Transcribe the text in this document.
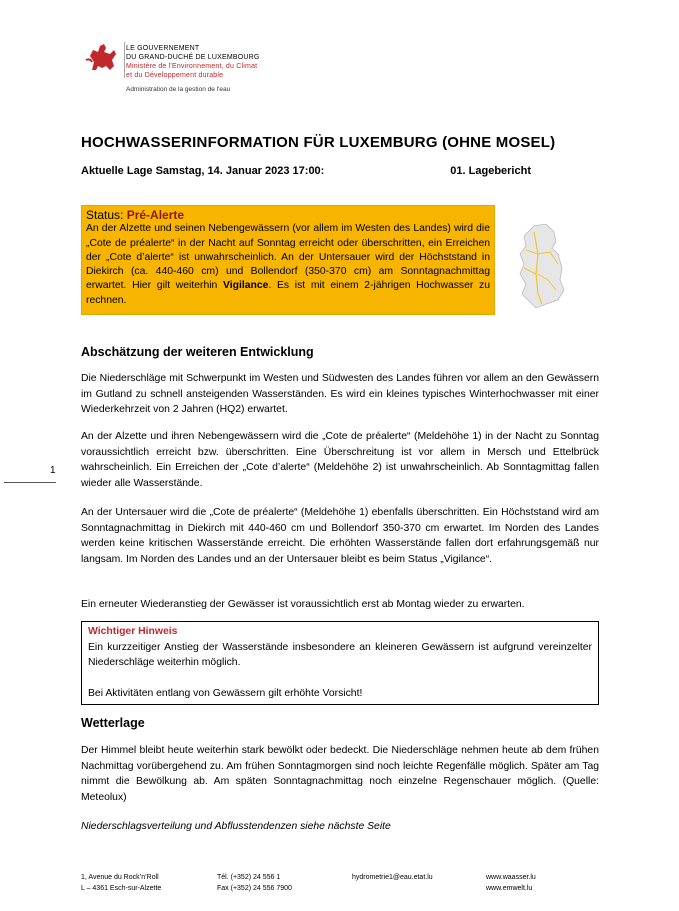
LE GOUVERNEMENT
DU GRAND-DUCHÉ DE LUXEMBOURG
Ministère de l'Environnement, du Climat
et du Développement durable
Administration de la gestion de l'eau
HOCHWASSERINFORMATION FÜR LUXEMBURG (OHNE MOSEL)
Aktuelle Lage Samstag, 14. Januar 2023 17:00:	01. Lagebericht
Status: Pré-Alerte
An der Alzette und seinen Nebengewässern (vor allem im Westen des Landes) wird die „Cote de préalerte“ in der Nacht auf Sonntag erreicht oder überschritten, ein Erreichen der „Cote d’alerte“ ist unwahrscheinlich. An der Untersauer wird der Höchststand in Diekirch (ca. 440-460 cm) und Bollendorf (350-370 cm) am Sonntagnachmittag erwartet. Hier gilt weiterhin Vigilance. Es ist mit einem 2-jährigen Hochwasser zu rechnen.
Abschätzung der weiteren Entwicklung

Die Niederschläge mit Schwerpunkt im Westen und Südwesten des Landes führen vor allem an den Gewässern im Gutland zu schnell ansteigenden Wasserständen. Es wird ein kleines typisches Winterhochwasser mit einer Wiederkehrzeit von 2 Jahren (HQ2) erwartet.

An der Alzette und ihren Nebengewässern wird die „Cote de préalerte“ (Meldehöhe 1) in der Nacht zu Sonntag voraussichtlich erreicht bzw. überschritten. Eine Überschreitung ist vor allem in Mersch und Ettelbrück wahrscheinlich. Ein Erreichen der „Cote d’alerte“ (Meldehöhe 2) ist unwahrscheinlich. Ab Sonntagmittag fallen wieder alle Wasserstände.

An der Untersauer wird die „Cote de préalerte“ (Meldehöhe 1) ebenfalls überschritten. Ein Höchststand wird am Sonntagnachmittag in Diekirch mit 440-460 cm und Bollendorf 350-370 cm erwartet. Im Norden des Landes werden keine kritischen Wasserstände erreicht. Die erhöhten Wasserstände fallen dort erfahrungsgemäß nur langsam. Im Norden des Landes und an der Untersauer bleibt es beim Status „Vigilance“.

Ein erneuter Wiederanstieg der Gewässer ist voraussichtlich erst ab Montag wieder zu erwarten.

1
Wichtiger Hinweis
Ein kurzzeitiger Anstieg der Wasserstände insbesondere an kleineren Gewässern ist aufgrund vereinzelter Niederschläge weiterhin möglich.
Bei Aktivitäten entlang von Gewässern gilt erhöhte Vorsicht!
Wetterlage

Der Himmel bleibt heute weiterhin stark bewölkt oder bedeckt. Die Niederschläge nehmen heute ab dem frühen Nachmittag vorübergehend zu. Am frühen Sonntagmorgen sind noch leichte Regenfälle möglich. Später am Tag nimmt die Bewölkung ab. Am späten Sonntagnachmittag noch einzelne Regenschauer möglich. (Quelle: Meteolux)

Niederschlagsverteilung und Abflusstendenzen siehe nächste Seite

1, Avenue du Rock’n’Roll
L – 4361 Esch-sur-Alzette
Tél. (+352) 24 556 1
Fax (+352) 24 556 7900
hydrometrie1@eau.etat.lu	www.waasser.lu
www.emwelt.lu
